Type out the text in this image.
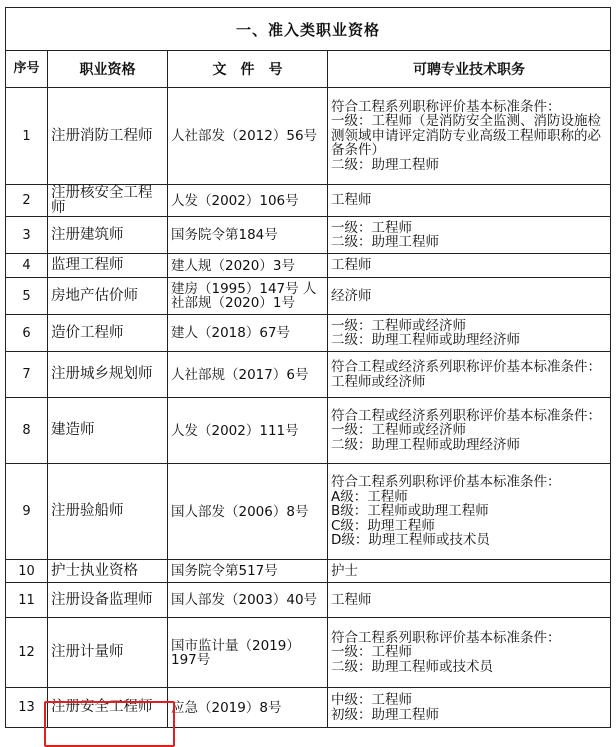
一、准入类职业资格			
序号	职业资格	文　件　号	可聘专业技术职务
1	注册消防工程师	人社部发（2012）56号	符合工程系列职称评价基本标准条件：
一级：工程师（是消防安全监测、消防设施检测领域申请评定消防专业高级工程师职称的必备条件）
二级：助理工程师

2	注册核安全工程师	人发（2002）106号	工程师

3	注册建筑师	国务院令第184号	一级：工程师
二级：助理工程师

4	监理工程师	建人规（2020）3号	工程师

5	房地产估价师	建房（1995）147号 人社部规（2020）1号	经济师

6	造价工程师	建人（2018）67号	一级：工程师或经济师
二级：助理工程师或助理经济师

7	注册城乡规划师	人社部规（2017）6号	符合工程或经济系列职称评价基本标准条件：
工程师或经济师

8	建造师	人发（2002）111号	符合工程或经济系列职称评价基本标准条件：
一级：工程师或经济师
二级：助理工程师或助理经济师

9	注册验船师	国人部发（2006）8号	符合工程系列职称评价基本标准条件：
A级：工程师
B级：工程师或助理工程师
C级：助理工程师
D级：助理工程师或技术员

10	护士执业资格	国务院令第517号	护士

11	注册设备监理师	国人部发（2003）40号	工程师

12	注册计量师	国市监计量（2019）197号	符合工程系列职称评价基本标准条件：
一级：工程师
二级：助理工程师或技术员

13	注册安全工程师	应急（2019）8号	中级：工程师
初级：助理工程师
